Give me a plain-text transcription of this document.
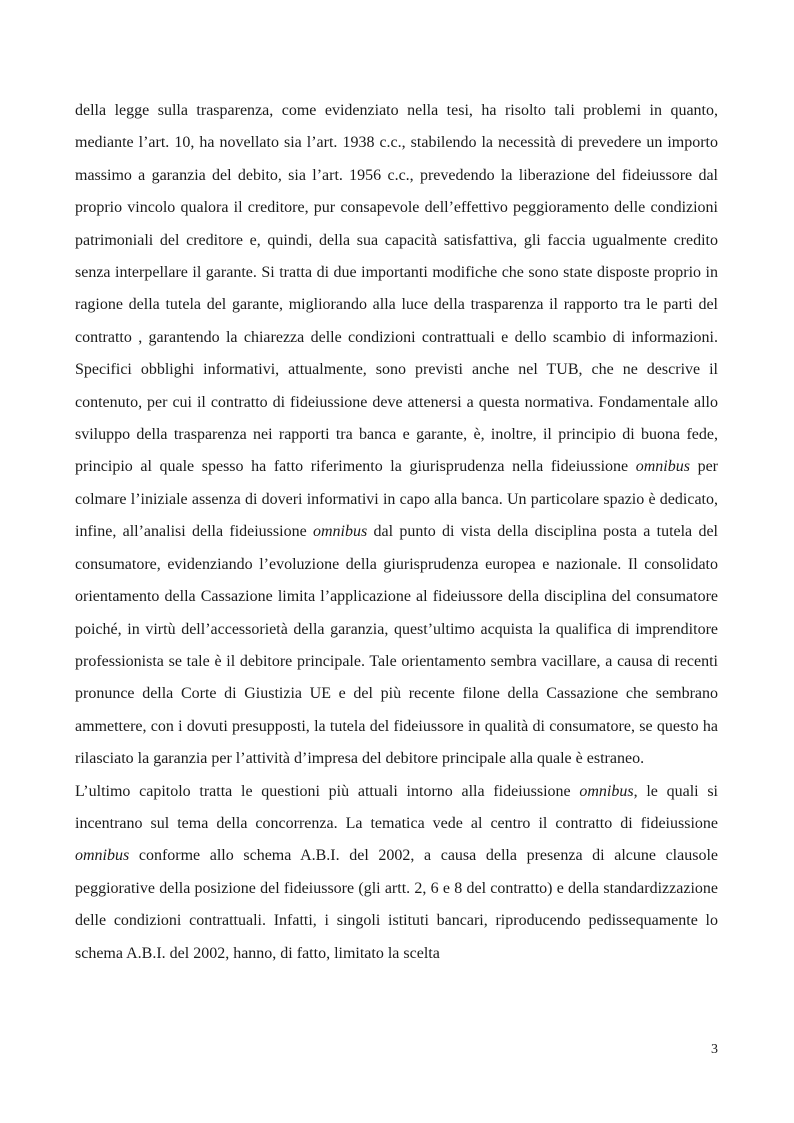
della legge sulla trasparenza, come evidenziato nella tesi, ha risolto tali problemi in quanto, mediante l’art. 10, ha novellato sia l’art. 1938 c.c., stabilendo la necessità di prevedere un importo massimo a garanzia del debito, sia l’art. 1956 c.c., prevedendo la liberazione del fideiussore dal proprio vincolo qualora il creditore, pur consapevole dell’effettivo peggioramento delle condizioni patrimoniali del creditore e, quindi, della sua capacità satisfattiva, gli faccia ugualmente credito senza interpellare il garante. Si tratta di due importanti modifiche che sono state disposte proprio in ragione della tutela del garante, migliorando alla luce della trasparenza il rapporto tra le parti del contratto , garantendo la chiarezza delle condizioni contrattuali e dello scambio di informazioni. Specifici obblighi informativi, attualmente, sono previsti anche nel TUB, che ne descrive il contenuto, per cui il contratto di fideiussione deve attenersi a questa normativa. Fondamentale allo sviluppo della trasparenza nei rapporti tra banca e garante, è, inoltre, il principio di buona fede, principio al quale spesso ha fatto riferimento la giurisprudenza nella fideiussione omnibus per colmare l’iniziale assenza di doveri informativi in capo alla banca. Un particolare spazio è dedicato, infine, all’analisi della fideiussione omnibus dal punto di vista della disciplina posta a tutela del consumatore, evidenziando l’evoluzione della giurisprudenza europea e nazionale. Il consolidato orientamento della Cassazione limita l’applicazione al fideiussore della disciplina del consumatore poiché, in virtù dell’accessorietà della garanzia, quest’ultimo acquista la qualifica di imprenditore professionista se tale è il debitore principale. Tale orientamento sembra vacillare, a causa di recenti pronunce della Corte di Giustizia UE e del più recente filone della Cassazione che sembrano ammettere, con i dovuti presupposti, la tutela del fideiussore in qualità di consumatore, se questo ha rilasciato la garanzia per l’attività d’impresa del debitore principale alla quale è estraneo.

L’ultimo capitolo tratta le questioni più attuali intorno alla fideiussione omnibus, le quali si incentrano sul tema della concorrenza. La tematica vede al centro il contratto di fideiussione omnibus conforme allo schema A.B.I. del 2002, a causa della presenza di alcune clausole peggiorative della posizione del fideiussore (gli artt. 2, 6 e 8 del contratto) e della standardizzazione delle condizioni contrattuali. Infatti, i singoli istituti bancari, riproducendo pedissequamente lo schema A.B.I. del 2002, hanno, di fatto, limitato la scelta

3
